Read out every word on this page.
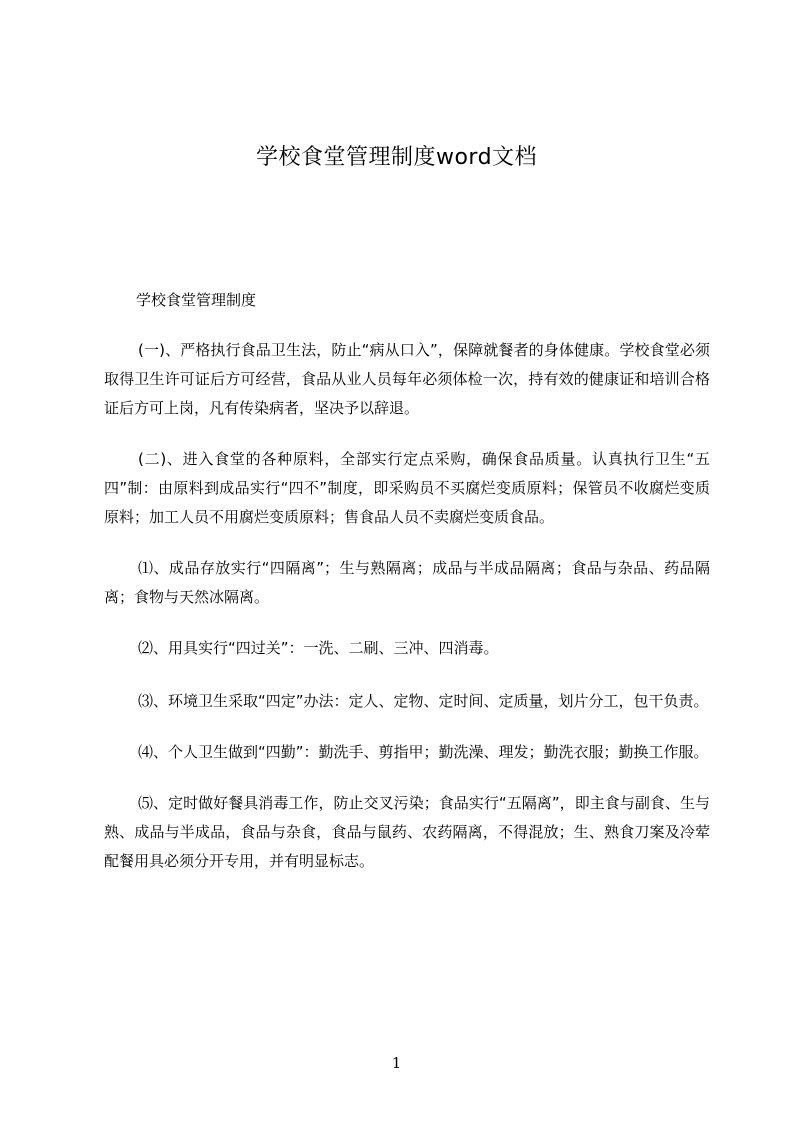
学校食堂管理制度word文档
学校食堂管理制度

(一)、严格执行食品卫生法，防止“病从口入”，保障就餐者的身体健康。学校食堂必须取得卫生许可证后方可经营，食品从业人员每年必须体检一次，持有效的健康证和培训合格证后方可上岗，凡有传染病者，坚决予以辞退。

(二)、进入食堂的各种原料，全部实行定点采购，确保食品质量。认真执行卫生“五四”制：由原料到成品实行“四不”制度，即采购员不买腐烂变质原料；保管员不收腐烂变质原料；加工人员不用腐烂变质原料；售食品人员不卖腐烂变质食品。

⑴、成品存放实行“四隔离”；生与熟隔离；成品与半成品隔离；食品与杂品、药品隔离；食物与天然冰隔离。

⑵、用具实行“四过关”：一洗、二刷、三冲、四消毒。

⑶、环境卫生采取“四定”办法：定人、定物、定时间、定质量，划片分工，包干负责。

⑷、个人卫生做到“四勤”：勤洗手、剪指甲；勤洗澡、理发；勤洗衣服；勤换工作服。

⑸、定时做好餐具消毒工作，防止交叉污染；食品实行“五隔离”，即主食与副食、生与熟、成品与半成品，食品与杂食，食品与鼠药、农药隔离，不得混放；生、熟食刀案及冷荤配餐用具必须分开专用，并有明显标志。

1
